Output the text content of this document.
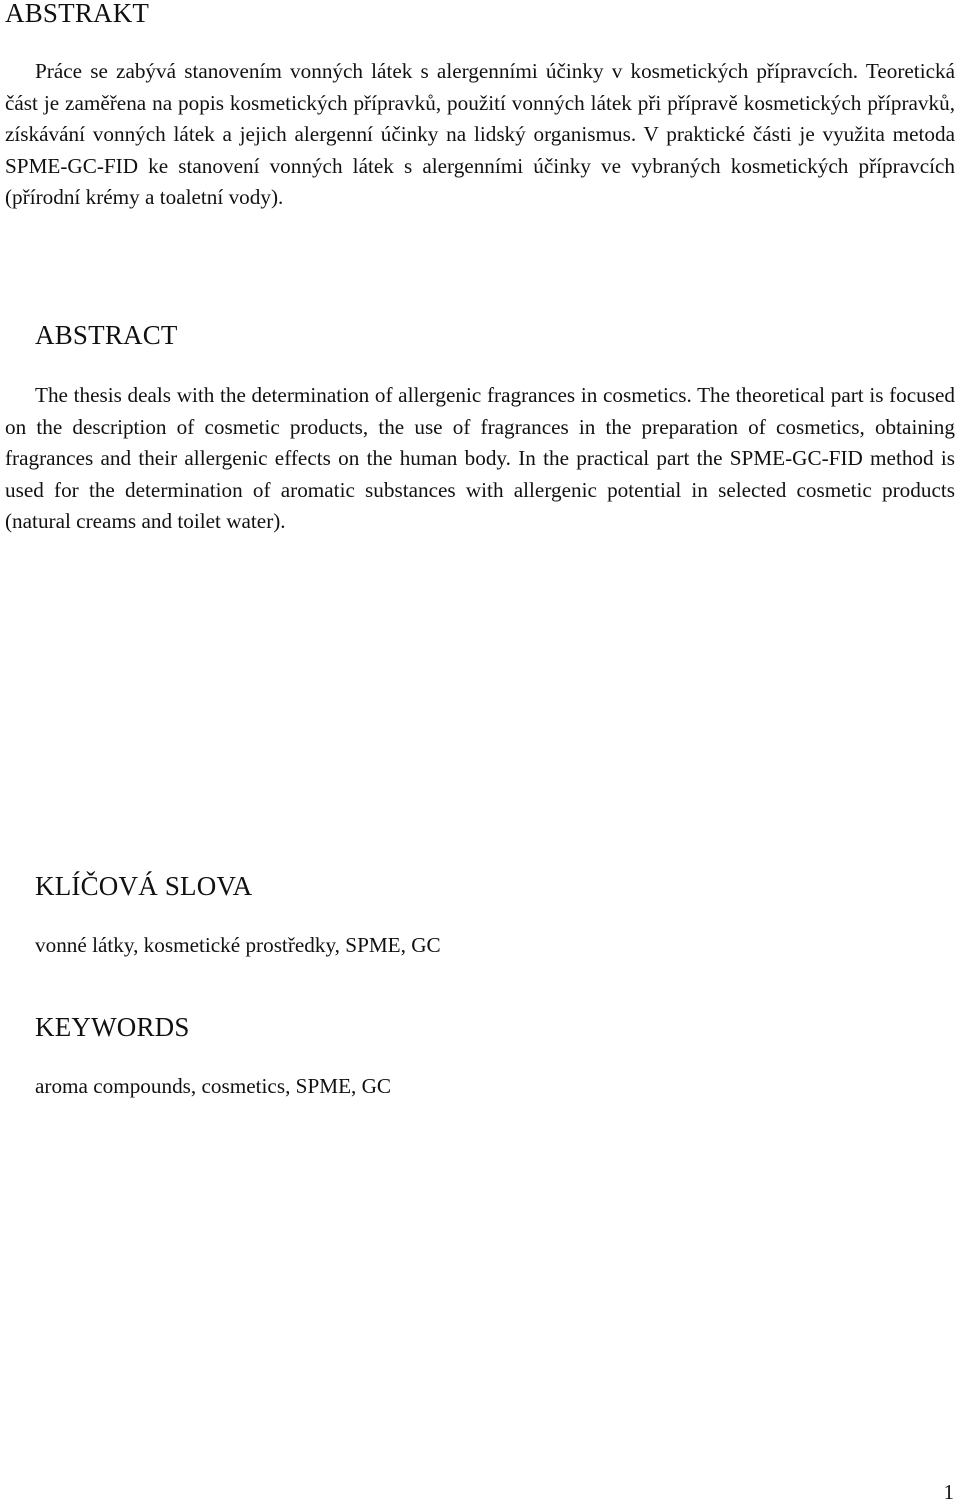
ABSTRAKT

Práce se zabývá stanovením vonných látek s alergenními účinky v kosmetických přípravcích. Teoretická část je zaměřena na popis kosmetických přípravků, použití vonných látek při přípravě kosmetických přípravků, získávání vonných látek a jejich alergenní účinky na lidský organismus. V praktické části je využita metoda SPME-GC-FID ke stanovení vonných látek s alergenními účinky ve vybraných kosmetických přípravcích (přírodní krémy a toaletní vody).

ABSTRACT

The thesis deals with the determination of allergenic fragrances in cosmetics. The theoretical part is focused on the description of cosmetic products, the use of fragrances in the preparation of cosmetics, obtaining fragrances and their allergenic effects on the human body. In the practical part the SPME-GC-FID method is used for the determination of aromatic substances with allergenic potential in selected cosmetic products (natural creams and toilet water).

KLÍČOVÁ SLOVA

vonné látky, kosmetické prostředky, SPME, GC

KEYWORDS

aroma compounds, cosmetics, SPME, GC

1
